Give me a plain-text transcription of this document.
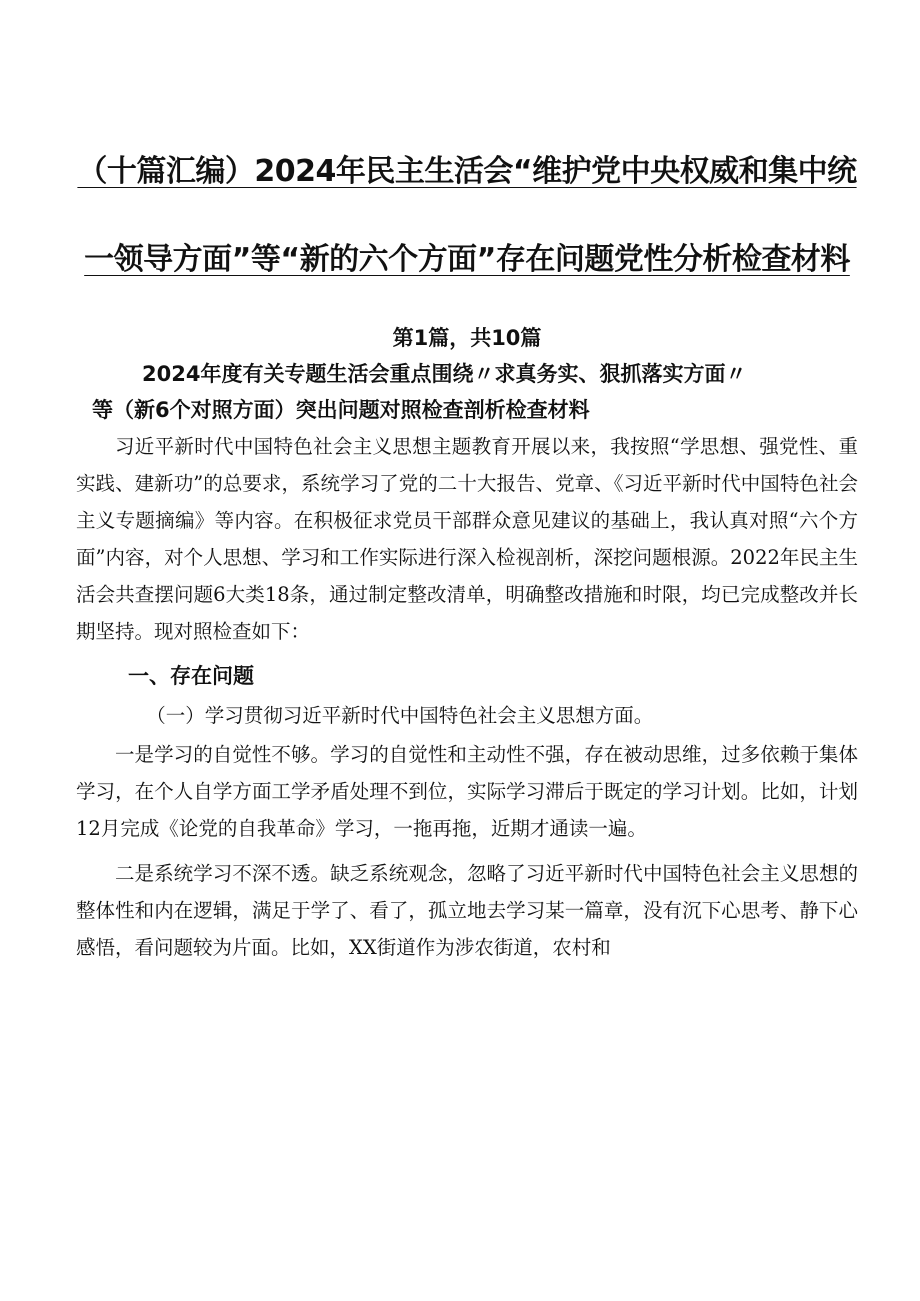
（十篇汇编）2024年民主生活会“维护党中央权威和集中统一领导方面”等“新的六个方面”存在问题党性分析检查材料

第1篇，共10篇

2024年度有关专题生活会重点围绕〃求真务实、狠抓落实方面〃
等（新6个对照方面）突出问题对照检查剖析检查材料

习近平新时代中国特色社会主义思想主题教育开展以来，我按照“学思想、强党性、重实践、建新功”的总要求，系统学习了党的二十大报告、党章、《习近平新时代中国特色社会主义专题摘编》等内容。在积极征求党员干部群众意见建议的基础上，我认真对照“六个方面”内容，对个人思想、学习和工作实际进行深入检视剖析，深挖问题根源。2022年民主生活会共查摆问题6大类18条，通过制定整改清单，明确整改措施和时限，均已完成整改并长期坚持。现对照检查如下：

一、存在问题

（一）学习贯彻习近平新时代中国特色社会主义思想方面。

一是学习的自觉性不够。学习的自觉性和主动性不强，存在被动思维，过多依赖于集体学习，在个人自学方面工学矛盾处理不到位，实际学习滞后于既定的学习计划。比如，计划12月完成《论党的自我革命》学习，一拖再拖，近期才通读一遍。

二是系统学习不深不透。缺乏系统观念，忽略了习近平新时代中国特色社会主义思想的整体性和内在逻辑，满足于学了、看了，孤立地去学习某一篇章，没有沉下心思考、静下心感悟，看问题较为片面。比如，XX街道作为涉农街道，农村和
